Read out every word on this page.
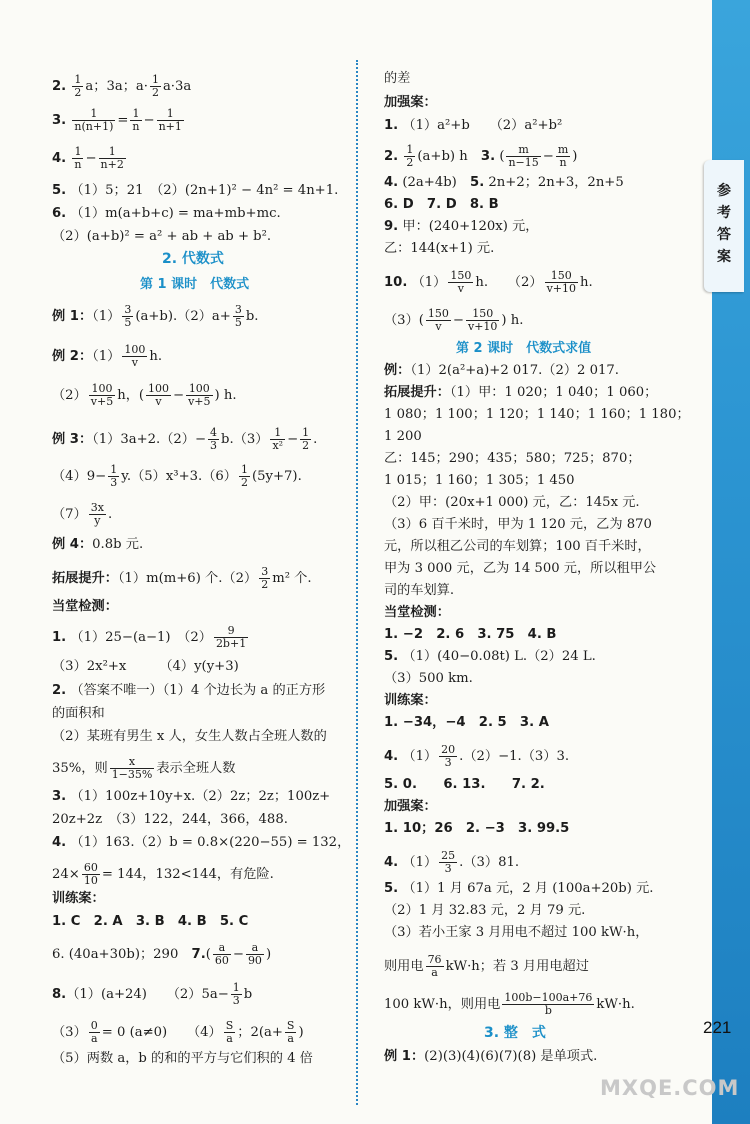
参考答案
2. $\frac{1}{2}$ a；3a；$a\cdot \frac{1}{2} a\cdot 3a$
3. $\frac{1}{n(n+1)} = \frac{1}{n} - \frac{1}{n+1}$
4. $\frac{1}{n} - \frac{1}{n+2}$
5. （1）5；21　（2）(2n+1)² − 4n² = 4n+1.
6. （1）m(a+b+c) = ma+mb+mc.
（2）(a+b)² = a² + ab + ab + b².
2. 代数式
第 1 课时　代数式
例 1：$(1) \frac{3}{5} (a+b).(2)a+ \frac{3}{5} b$.
例 2：$(1) \frac{100}{v} h$.
$(2) \frac{100}{v+5}$ h，( $\frac{100}{v} - \frac{100}{v+5}$ ) h.
例 3：$(1)3a+2.(2)- \frac{4}{3} b.(3) \frac{1}{\text{x²}} - \frac{1}{2}$ .
$(4)9- \frac{1}{3} y.(5)x^3+3.(6) \frac{1}{2} (5y+7)$.
$(7) \frac{3x}{y}$ .
例 4：0.8b 元.
拓展提升：（1）m(m+6) 个$.(2) \frac{3}{2} m^2$ 个.
当堂检测：
1. （1）25−(a−1)　$(2) \frac{9}{2b+1}$
（3）2x²+x　　　（4）y(y+3)
2. （答案不唯一）（1）4 个边长为 a 的正方形
的面积和
（2）某班有男生 x 人，女生人数占全班人数的
35%，则 $\frac{x}{1-35\%}$ 表示全班人数
3. （1）100z+10y+x.（2）2z；2z；100z+
20z+2z　（3）122，244，366，488.
4. （1）163.（2）b = 0.8×(220−55) = 132，
$24\times \frac{60}{10} = 144$，132<144，有危险.
训练案：
1. C　2. A　3. B　4. B　5. C
6. (40a+30b)；290　$7.( \frac{a}{60} - \frac{a}{90}$ )
8.（1）(a+24)　　$(2)5a- \frac{1}{3}$ b
$(3) \frac{0}{a} = 0$ (a≠0)　　$(4) \frac{S}{a}$ ；$2(a+ \frac{S}{a}$ )
（5）两数 a，b 的和的平方与它们积的 4 倍
的差
加强案：
1. （1）a²+b　　（2）a²+b²
2. $\frac{1}{2} (a+b)$ h　3. ( $\frac{m}{n-15} - \frac{m}{n}$ )
4. (2a+4b)　5. 2n+2；2n+3，2n+5
6. D　7. D　8. B
9. 甲：(240+120x) 元，
乙：144(x+1) 元.
10. $(1) \frac{150}{v} h$.　　$(2) \frac{150}{v+10} h$.
$(3)( \frac{150}{v} - \frac{150}{v+10}$ ) h.
第 2 课时　代数式求值
例：（1）2(a²+a)+2 017.（2）2 017.
拓展提升：（1）甲：1 020；1 040；1 060；
1 080；1 100；1 120；1 140；1 160；1 180；
1 200
乙：145；290；435；580；725；870；
1 015；1 160；1 305；1 450
（2）甲：(20x+1 000) 元，乙：145x 元.
（3）6 百千米时，甲为 1 120 元，乙为 870
元，所以租乙公司的车划算；100 百千米时，
甲为 3 000 元，乙为 14 500 元，所以租甲公
司的车划算.
当堂检测：
1. −2　2. 6　3. 75　4. B
5. （1）(40−0.08t) L.（2）24 L.
（3）500 km.
训练案：
1. −34，−4　2. 5　3. A
4. $(1) \frac{20}{3} .(2)-1.(3)3$.
5. 0.　　6. 13.　　7. 2.
加强案：
1. 10；26　2. −3　3. 99.5
4. $(1) \frac{25}{3} .(3)81$.
5. （1）1 月 67a 元，2 月 (100a+20b) 元.
（2）1 月 32.83 元，2 月 79 元.
（3）若小王家 3 月用电不超过 100 kW·h，
则用电 $\frac{76}{a} kW\cdot h$；若 3 月用电超过
100 kW·h，则用电 $\frac{100b-100a+76}{b} kW\cdot h$.
3. 整　式
例 1：(2)(3)(4)(6)(7)(8) 是单项式.
221
MXQE.COM
